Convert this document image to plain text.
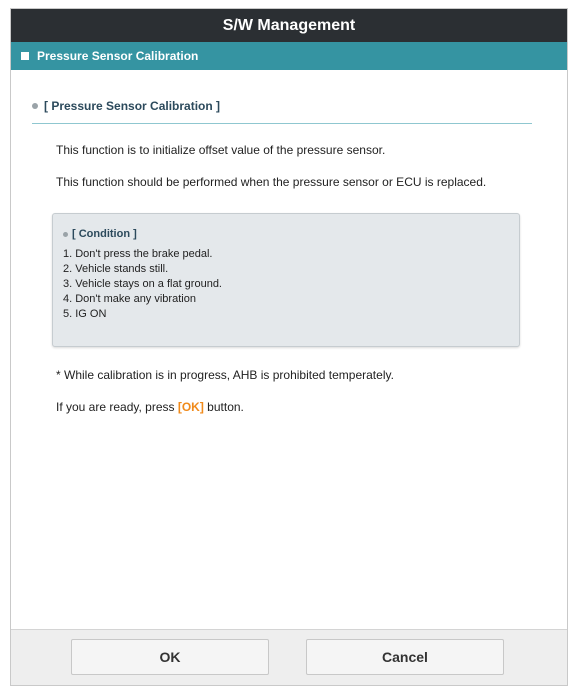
S/W Management
Pressure Sensor Calibration
[ Pressure Sensor Calibration ]
This function is to initialize offset value of the pressure sensor.
This function should be performed when the pressure sensor or ECU is replaced.
[ Condition ]
1. Don't press the brake pedal.
2. Vehicle stands still.
3. Vehicle stays on a flat ground.
4. Don't make any vibration
5. IG ON
* While calibration is in progress, AHB is prohibited temperately.
If you are ready, press [OK] button.
OK	Cancel
